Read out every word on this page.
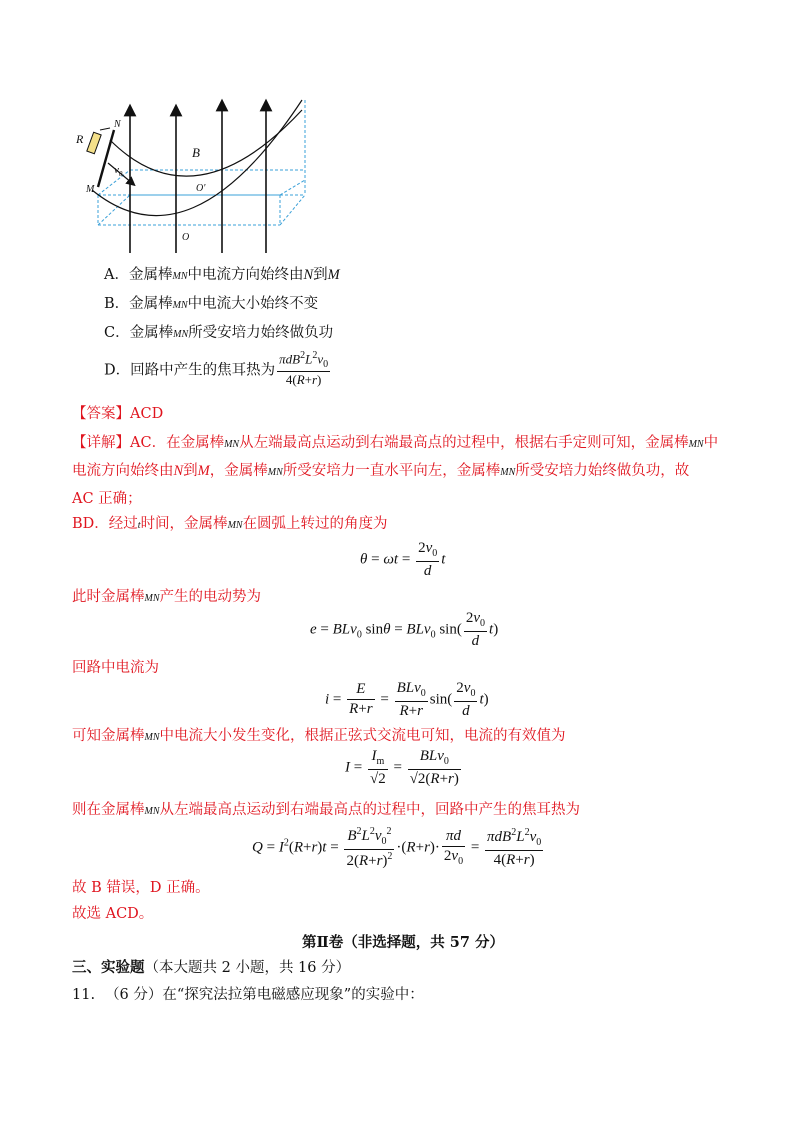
R
N
M
B
$v_0$
O'
O
A．金属棒MN中电流方向始终由N到M
B．金属棒MN中电流大小始终不变
C．金属棒MN所受安培力始终做负功
D．回路中产生的焦耳热为 $\frac{\pi dB^2L^2v_0}{4(R+r)}$
【答案】ACD
【详解】AC．在金属棒MN从左端最高点运动到右端最高点的过程中，根据右手定则可知，金属棒MN中
电流方向始终由N到M，金属棒MN所受安培力一直水平向左，金属棒MN所受安培力始终做负功，故
AC 正确；
BD．经过t时间，金属棒MN在圆弧上转过的角度为
$\theta = \omega t = \frac{2v_0}{d}$ t
此时金属棒MN产生的电动势为
e = BLv$_0$ sinθ = BLv$_0$ $\sin( \frac{2v_0}{d} t)$
回路中电流为
$i = \frac{E}{R+r} = \frac{BLv_0}{R+r} \sin( \frac{2v_0}{d} t)$
可知金属棒MN中电流大小发生变化，根据正弦式交流电可知，电流的有效值为
$I = \frac{I_m}{√2} = \frac{BLv_0}{√2(R+r)}$
则在金属棒MN从左端最高点运动到右端最高点的过程中，回路中产生的焦耳热为
$Q = I^2(R+r)t = \frac{B^2L^2v_0^2}{2(R+r)^2} \cdot(R+r)\cdot \frac{\pi d}{2v_0} = \frac{\pi dB^2L^2v_0}{4(R+r)}$
故 B 错误，D 正确。
故选 ACD。
第Ⅱ卷（非选择题，共 57 分）
三、实验题（本大题共 2 小题，共 16 分）
11. （6 分）在“探究法拉第电磁感应现象”的实验中：
